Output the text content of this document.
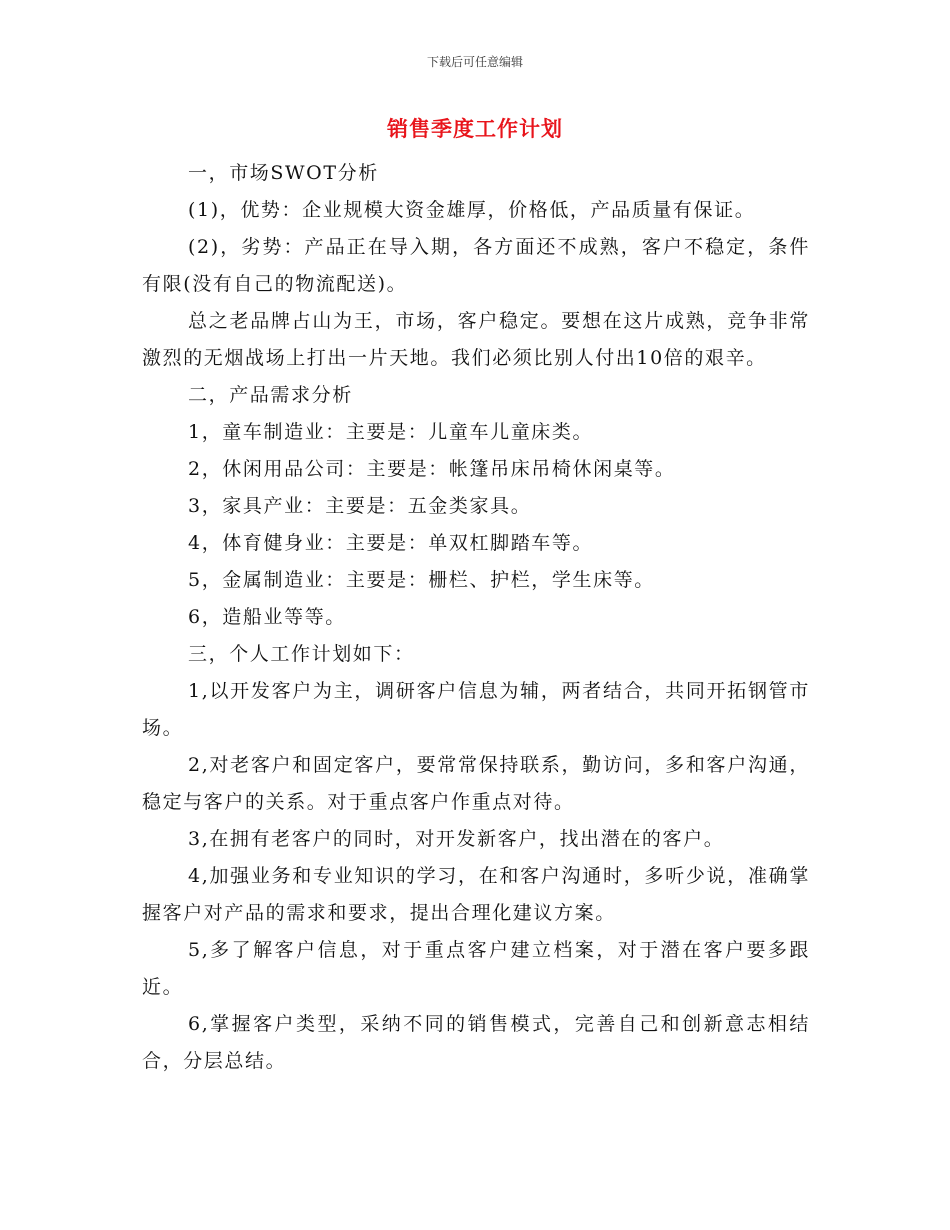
下载后可任意编辑
销售季度工作计划

一，市场SWOT分析

(1)，优势：企业规模大资金雄厚，价格低，产品质量有保证。

(2)，劣势：产品正在导入期，各方面还不成熟，客户不稳定，条件有限(没有自己的物流配送)。

总之老品牌占山为王，市场，客户稳定。要想在这片成熟，竞争非常激烈的无烟战场上打出一片天地。我们必须比别人付出10倍的艰辛。

二，产品需求分析

1，童车制造业：主要是：儿童车儿童床类。

2，休闲用品公司：主要是：帐篷吊床吊椅休闲桌等。

3，家具产业：主要是：五金类家具。

4，体育健身业：主要是：单双杠脚踏车等。

5，金属制造业：主要是：栅栏、护栏，学生床等。

6，造船业等等。

三，个人工作计划如下：

1,以开发客户为主，调研客户信息为辅，两者结合，共同开拓钢管市场。

2,对老客户和固定客户，要常常保持联系，勤访问，多和客户沟通，稳定与客户的关系。对于重点客户作重点对待。

3,在拥有老客户的同时，对开发新客户，找出潜在的客户。

4,加强业务和专业知识的学习，在和客户沟通时，多听少说，准确掌握客户对产品的需求和要求，提出合理化建议方案。

5,多了解客户信息，对于重点客户建立档案，对于潜在客户要多跟近。

6,掌握客户类型，采纳不同的销售模式，完善自己和创新意志相结合，分层总结。
